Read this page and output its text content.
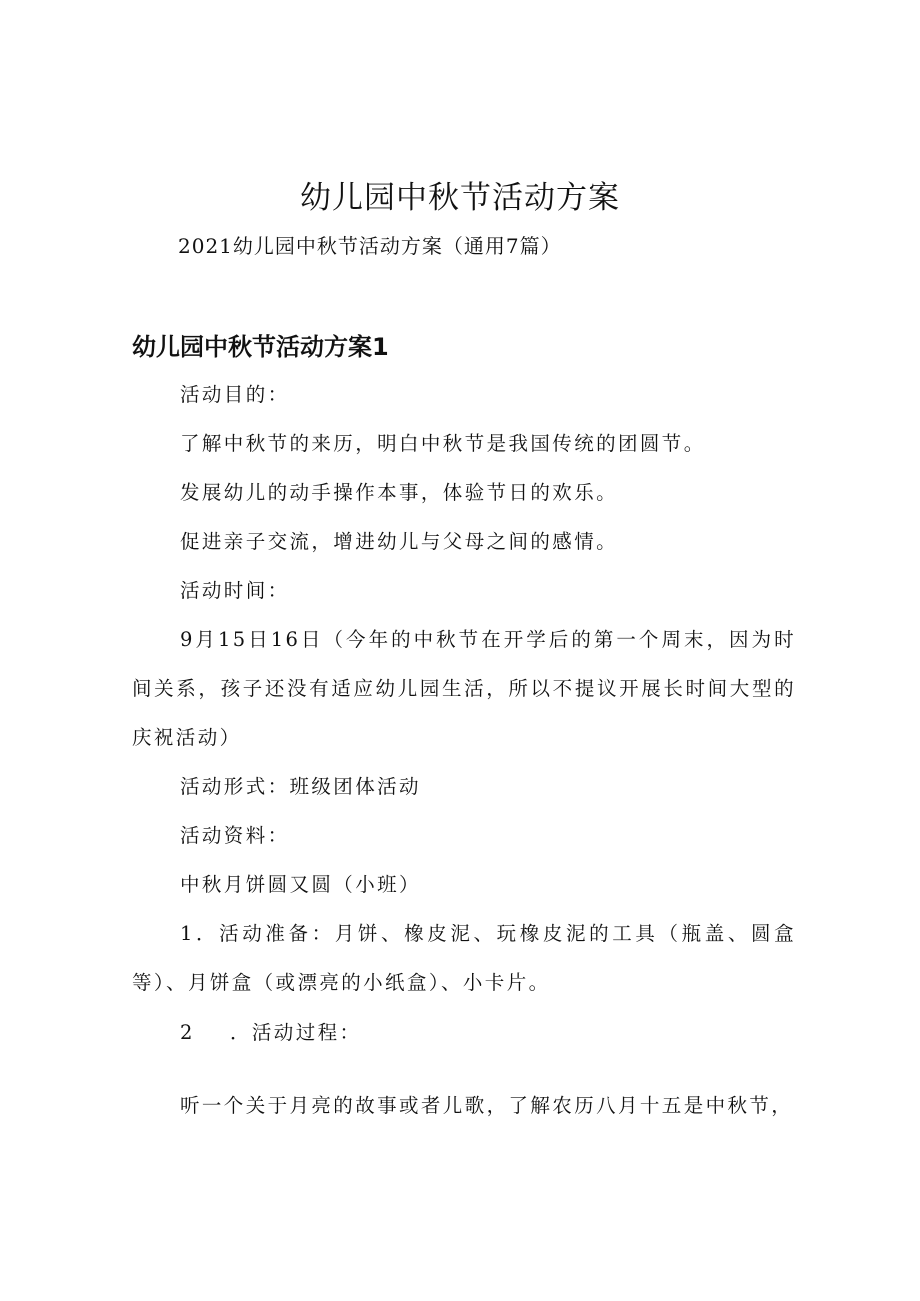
幼儿园中秋节活动方案

2021幼儿园中秋节活动方案（通用7篇）

幼儿园中秋节活动方案1

活动目的：

了解中秋节的来历，明白中秋节是我国传统的团圆节。

发展幼儿的动手操作本事，体验节日的欢乐。

促进亲子交流，增进幼儿与父母之间的感情。

活动时间：

9月15日16日（今年的中秋节在开学后的第一个周末，因为时间关系，孩子还没有适应幼儿园生活，所以不提议开展长时间大型的庆祝活动）

活动形式：班级团体活动

活动资料：

中秋月饼圆又圆（小班）

1．活动准备：月饼、橡皮泥、玩橡皮泥的工具（瓶盖、圆盒等）、月饼盒（或漂亮的小纸盒）、小卡片。

2 ．活动过程：

听一个关于月亮的故事或者儿歌，了解农历八月十五是中秋节，
